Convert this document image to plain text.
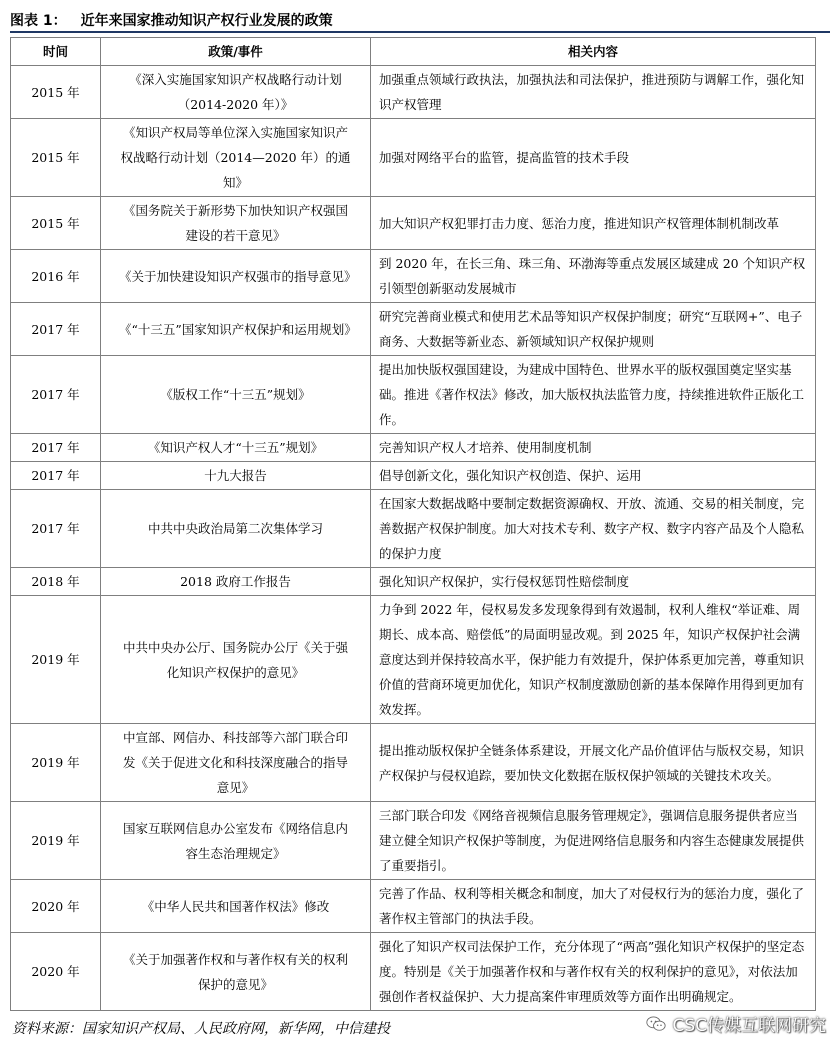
图表 1： 近年来国家推动知识产权行业发展的政策
时间	政策/事件	相关内容
2015 年	《深入实施国家知识产权战略行动计划（2014-2020 年）》	加强重点领域行政执法，加强执法和司法保护，推进预防与调解工作，强化知识产权管理
2015 年	《知识产权局等单位深入实施国家知识产权战略行动计划（2014—2020 年）的通知》	加强对网络平台的监管，提高监管的技术手段
2015 年	《国务院关于新形势下加快知识产权强国建设的若干意见》	加大知识产权犯罪打击力度、惩治力度，推进知识产权管理体制机制改革
2016 年	《关于加快建设知识产权强市的指导意见》	到 2020 年，在长三角、珠三角、环渤海等重点发展区域建成 20 个知识产权引领型创新驱动发展城市
2017 年	《“十三五”国家知识产权保护和运用规划》	研究完善商业模式和使用艺术品等知识产权保护制度；研究“互联网+”、电子商务、大数据等新业态、新领域知识产权保护规则
2017 年	《版权工作“十三五”规划》	提出加快版权强国建设，为建成中国特色、世界水平的版权强国奠定坚实基础。推进《著作权法》修改，加大版权执法监管力度，持续推进软件正版化工作。
2017 年	《知识产权人才“十三五”规划》	完善知识产权人才培养、使用制度机制
2017 年	十九大报告	倡导创新文化，强化知识产权创造、保护、运用
2017 年	中共中央政治局第二次集体学习	在国家大数据战略中要制定数据资源确权、开放、流通、交易的相关制度，完善数据产权保护制度。加大对技术专利、数字产权、数字内容产品及个人隐私的保护力度
2018 年	2018 政府工作报告	强化知识产权保护，实行侵权惩罚性赔偿制度
2019 年	中共中央办公厅、国务院办公厅《关于强化知识产权保护的意见》	力争到 2022 年，侵权易发多发现象得到有效遏制，权利人维权“举证难、周期长、成本高、赔偿低”的局面明显改观。到 2025 年，知识产权保护社会满意度达到并保持较高水平，保护能力有效提升，保护体系更加完善，尊重知识价值的营商环境更加优化，知识产权制度激励创新的基本保障作用得到更加有效发挥。
2019 年	中宣部、网信办、科技部等六部门联合印发《关于促进文化和科技深度融合的指导意见》	提出推动版权保护全链条体系建设，开展文化产品价值评估与版权交易，知识产权保护与侵权追踪，要加快文化数据在版权保护领域的关键技术攻关。
2019 年	国家互联网信息办公室发布《网络信息内容生态治理规定》	三部门联合印发《网络音视频信息服务管理规定》，强调信息服务提供者应当建立健全知识产权保护等制度，为促进网络信息服务和内容生态健康发展提供了重要指引。
2020 年	《中华人民共和国著作权法》修改	完善了作品、权利等相关概念和制度，加大了对侵权行为的惩治力度，强化了著作权主管部门的执法手段。
2020 年	《关于加强著作权和与著作权有关的权利保护的意见》	强化了知识产权司法保护工作，充分体现了“两高”强化知识产权保护的坚定态度。特别是《关于加强著作权和与著作权有关的权利保护的意见》，对依法加强创作者权益保护、大力提高案件审理质效等方面作出明确规定。
资料来源：国家知识产权局、人民政府网，新华网，中信建投	CSC传媒互联网研究
